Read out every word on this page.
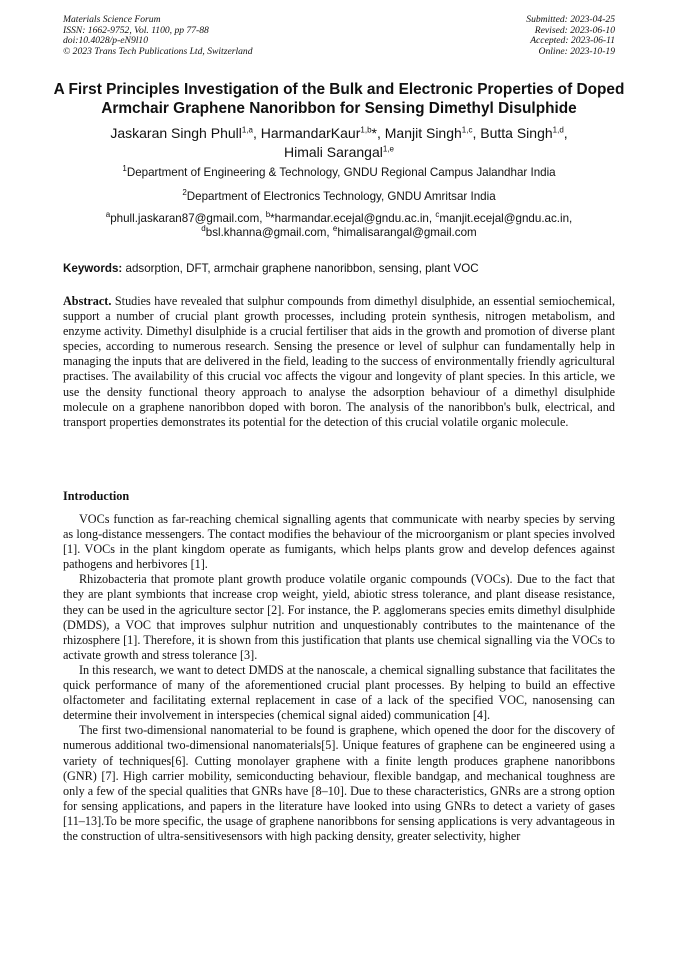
Materials Science Forum
ISSN: 1662-9752, Vol. 1100, pp 77-88
doi:10.4028/p-eN9l10
© 2023 Trans Tech Publications Ltd, Switzerland
Submitted: 2023-04-25
Revised: 2023-06-10
Accepted: 2023-06-11
Online: 2023-10-19
A First Principles Investigation of the Bulk and Electronic Properties of Doped Armchair Graphene Nanoribbon for Sensing Dimethyl Disulphide
Jaskaran Singh Phull$^{1,a}$, HarmandarKaur$^{1,b}$*, Manjit Singh$^{1,c}$, Butta Singh$^{1,d}$,
Himali Sarangal$^{1,e}$
$^1$Department of Engineering & Technology, GNDU Regional Campus Jalandhar India
$^2$Department of Electronics Technology, GNDU Amritsar India
$^a$phull.jaskaran87@gmail.com, $^b$*harmandar.ecejal@gndu.ac.in, $^c$manjit.ecejal@gndu.ac.in,
$^d$bsl.khanna@gmail.com, $^e$himalisarangal@gmail.com
Keywords: adsorption, DFT, armchair graphene nanoribbon, sensing, plant VOC

Abstract. Studies have revealed that sulphur compounds from dimethyl disulphide, an essential semiochemical, support a number of crucial plant growth processes, including protein synthesis, nitrogen metabolism, and enzyme activity. Dimethyl disulphide is a crucial fertiliser that aids in the growth and promotion of diverse plant species, according to numerous research. Sensing the presence or level of sulphur can fundamentally help in managing the inputs that are delivered in the field, leading to the success of environmentally friendly agricultural practises. The availability of this crucial voc affects the vigour and longevity of plant species. In this article, we use the density functional theory approach to analyse the adsorption behaviour of a dimethyl disulphide molecule on a graphene nanoribbon doped with boron. The analysis of the nanoribbon's bulk, electrical, and transport properties demonstrates its potential for the detection of this crucial volatile organic molecule.

Introduction

VOCs function as far-reaching chemical signalling agents that communicate with nearby species by serving as long-distance messengers. The contact modifies the behaviour of the microorganism or plant species involved [1]. VOCs in the plant kingdom operate as fumigants, which helps plants grow and develop defences against pathogens and herbivores [1].

Rhizobacteria that promote plant growth produce volatile organic compounds (VOCs). Due to the fact that they are plant symbionts that increase crop weight, yield, abiotic stress tolerance, and plant disease resistance, they can be used in the agriculture sector [2]. For instance, the P. agglomerans species emits dimethyl disulphide (DMDS), a VOC that improves sulphur nutrition and unquestionably contributes to the maintenance of the rhizosphere [1]. Therefore, it is shown from this justification that plants use chemical signalling via the VOCs to activate growth and stress tolerance [3].

In this research, we want to detect DMDS at the nanoscale, a chemical signalling substance that facilitates the quick performance of many of the aforementioned crucial plant processes. By helping to build an effective olfactometer and facilitating external replacement in case of a lack of the specified VOC, nanosensing can determine their involvement in interspecies (chemical signal aided) communication [4].

The first two-dimensional nanomaterial to be found is graphene, which opened the door for the discovery of numerous additional two-dimensional nanomaterials[5]. Unique features of graphene can be engineered using a variety of techniques[6]. Cutting monolayer graphene with a finite length produces graphene nanoribbons (GNR) [7]. High carrier mobility, semiconducting behaviour, flexible bandgap, and mechanical toughness are only a few of the special qualities that GNRs have [8–10]. Due to these characteristics, GNRs are a strong option for sensing applications, and papers in the literature have looked into using GNRs to detect a variety of gases [11–13].To be more specific, the usage of graphene nanoribbons for sensing applications is very advantageous in the construction of ultra-sensitivesensors with high packing density, greater selectivity, higher
